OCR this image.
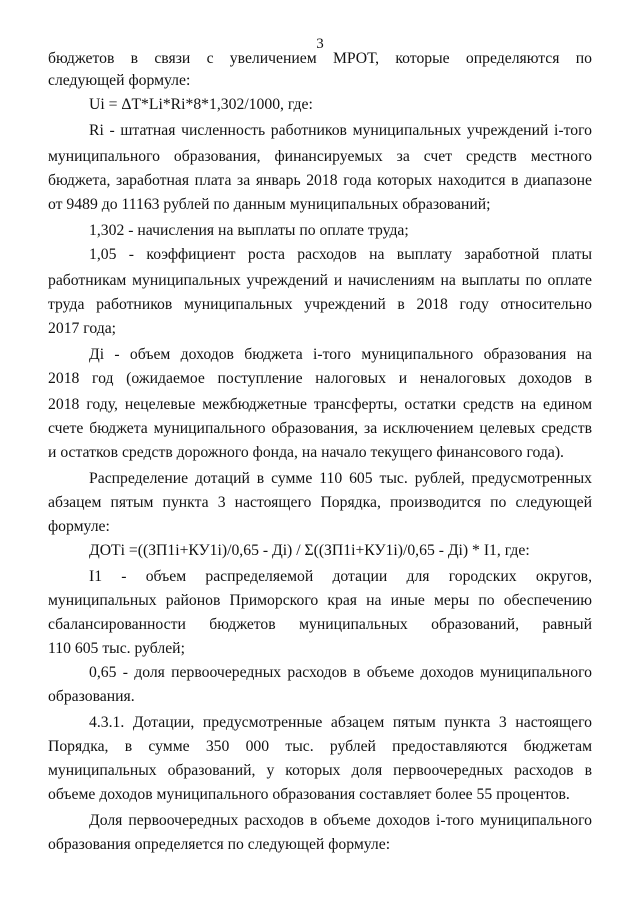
3
бюджетов в связи с увеличением МРОТ, которые определяются по
следующей формуле:
Ui = ΔТ*Li*Ri*8*1,302/1000, где:
Ri - штатная численность работников муниципальных учреждений i-того
муниципального образования, финансируемых за счет средств местного
бюджета, заработная плата за январь 2018 года которых находится в диапазоне
от 9489 до 11163 рублей по данным муниципальных образований;
1,302 - начисления на выплаты по оплате труда;
1,05 - коэффициент роста расходов на выплату заработной платы
работникам муниципальных учреждений и начислениям на выплаты по оплате
труда работников муниципальных учреждений в 2018 году относительно
2017 года;
Дi - объем доходов бюджета i-того муниципального образования на
2018 год (ожидаемое поступление налоговых и неналоговых доходов в
2018 году, нецелевые межбюджетные трансферты, остатки средств на едином
счете бюджета муниципального образования, за исключением целевых средств
и остатков средств дорожного фонда, на начало текущего финансового года).
Распределение дотаций в сумме 110 605 тыс. рублей, предусмотренных
абзацем пятым пункта 3 настоящего Порядка, производится по следующей
формуле:
ДОТi =((ЗП1i+КУ1i)/0,65 - Дi) / Σ((ЗП1i+КУ1i)/0,65 - Дi) * I1, где:
I1 - объем распределяемой дотации для городских округов,
муниципальных районов Приморского края на иные меры по обеспечению
сбалансированности бюджетов муниципальных образований, равный
110 605 тыс. рублей;
0,65 - доля первоочередных расходов в объеме доходов муниципального
образования.
4.3.1. Дотации, предусмотренные абзацем пятым пункта 3 настоящего
Порядка, в сумме 350 000 тыс. рублей предоставляются бюджетам
муниципальных образований, у которых доля первоочередных расходов в
объеме доходов муниципального образования составляет более 55 процентов.
Доля первоочередных расходов в объеме доходов i-того муниципального
образования определяется по следующей формуле:
